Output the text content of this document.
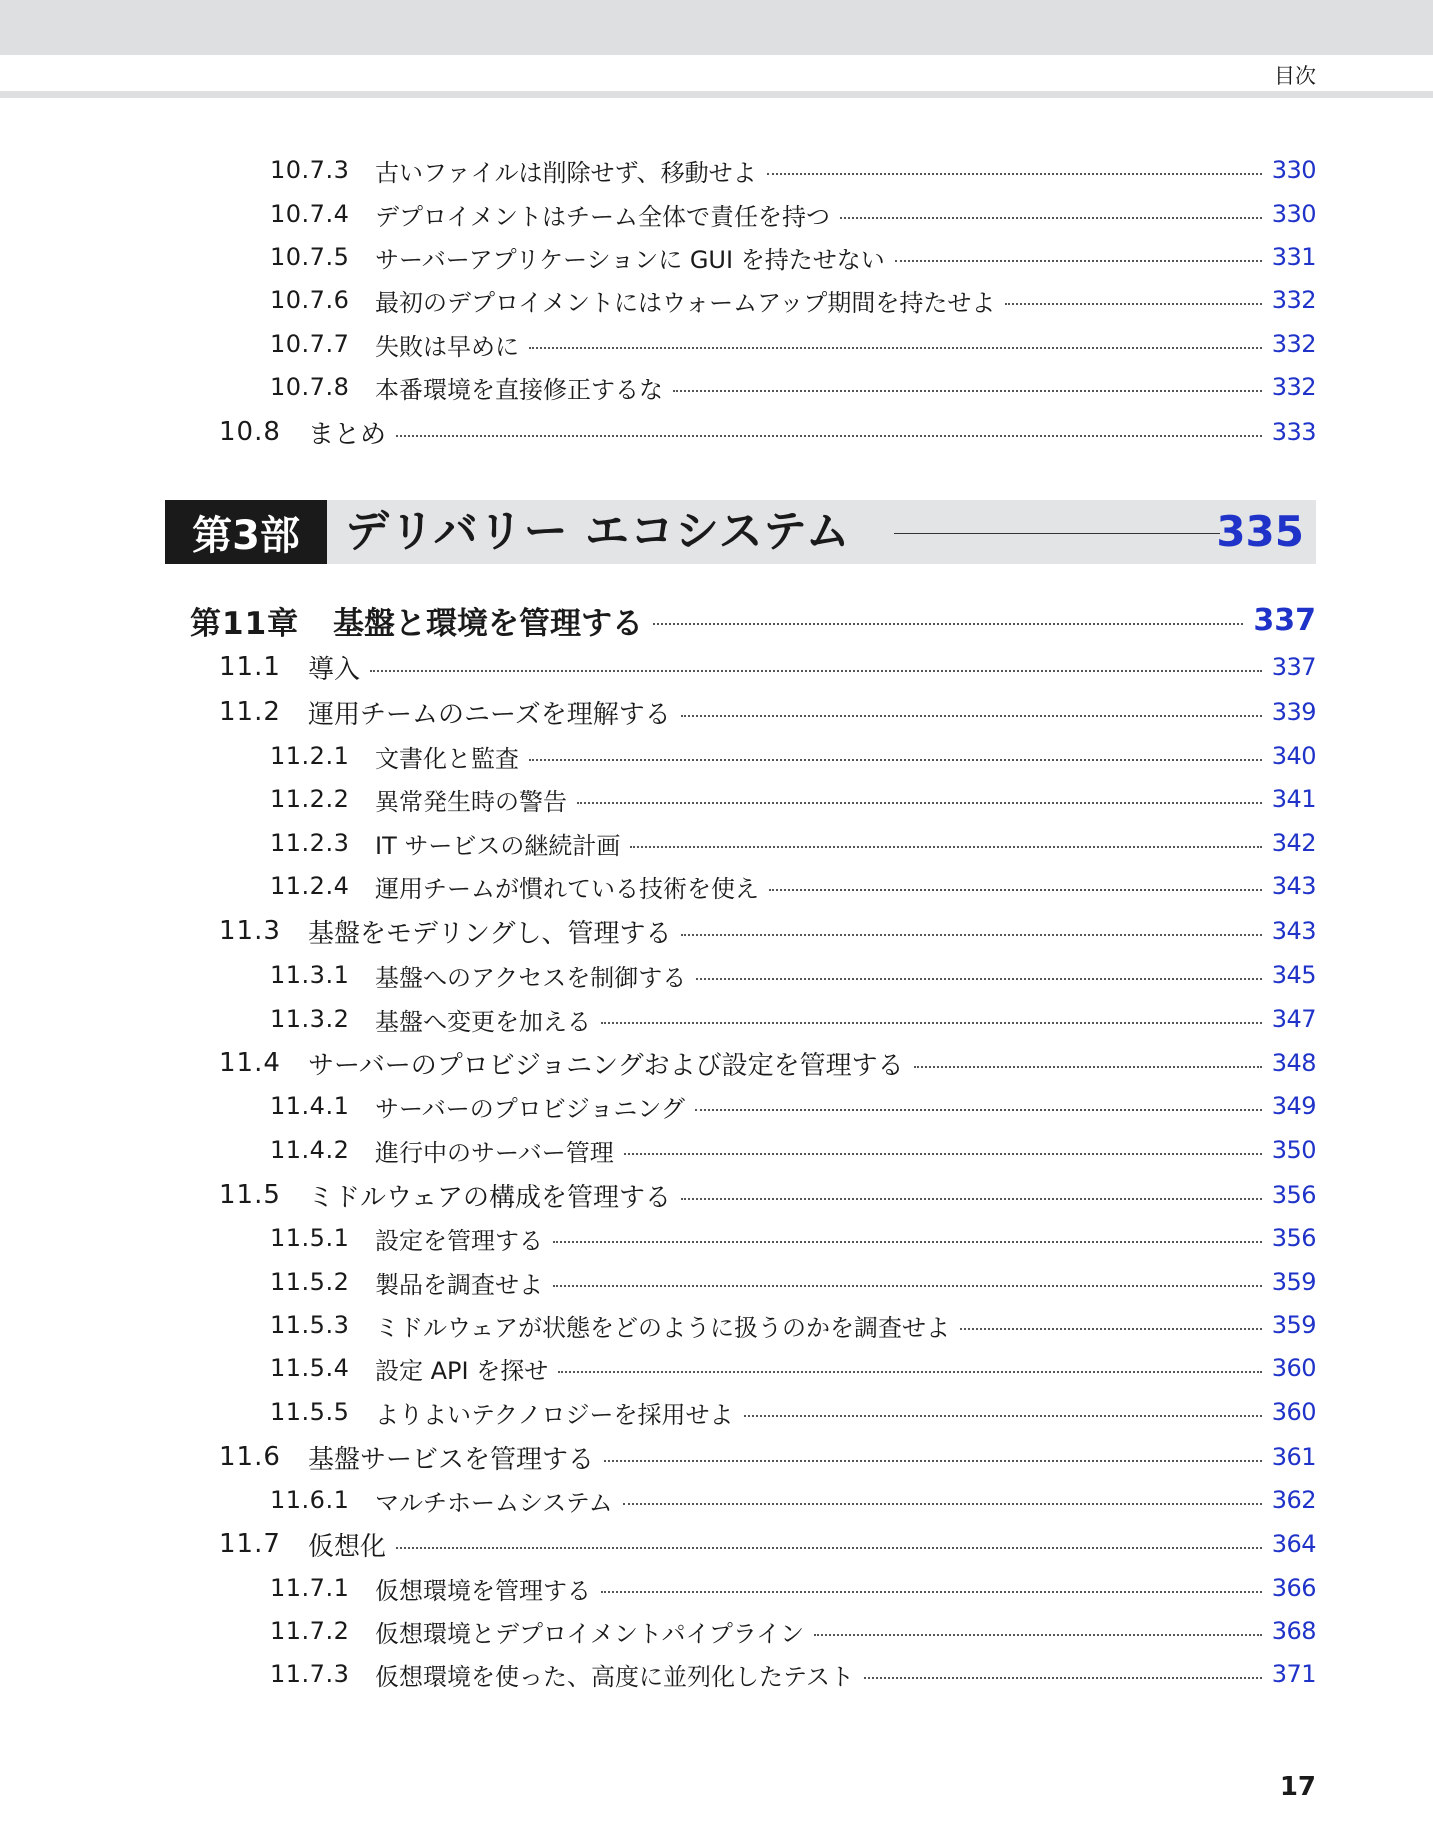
目次
10.7.3	古いファイルは削除せず、移動せよ	330
10.7.4	デプロイメントはチーム全体で責任を持つ	330
10.7.5	サーバーアプリケーションに GUI を持たせない	331
10.7.6	最初のデプロイメントにはウォームアップ期間を持たせよ	332
10.7.7	失敗は早めに	332
10.7.8	本番環境を直接修正するな	332
10.8	まとめ	333
第3部	デリバリー エコシステム	335
第11章	基盤と環境を管理する	337
11.1	導入	337
11.2	運用チームのニーズを理解する	339
11.2.1	文書化と監査	340
11.2.2	異常発生時の警告	341
11.2.3	IT サービスの継続計画	342
11.2.4	運用チームが慣れている技術を使え	343
11.3	基盤をモデリングし、管理する	343
11.3.1	基盤へのアクセスを制御する	345
11.3.2	基盤へ変更を加える	347
11.4	サーバーのプロビジョニングおよび設定を管理する	348
11.4.1	サーバーのプロビジョニング	349
11.4.2	進行中のサーバー管理	350
11.5	ミドルウェアの構成を管理する	356
11.5.1	設定を管理する	356
11.5.2	製品を調査せよ	359
11.5.3	ミドルウェアが状態をどのように扱うのかを調査せよ	359
11.5.4	設定 API を探せ	360
11.5.5	よりよいテクノロジーを採用せよ	360
11.6	基盤サービスを管理する	361
11.6.1	マルチホームシステム	362
11.7	仮想化	364
11.7.1	仮想環境を管理する	366
11.7.2	仮想環境とデプロイメントパイプライン	368
11.7.3	仮想環境を使った、高度に並列化したテスト	371
17
